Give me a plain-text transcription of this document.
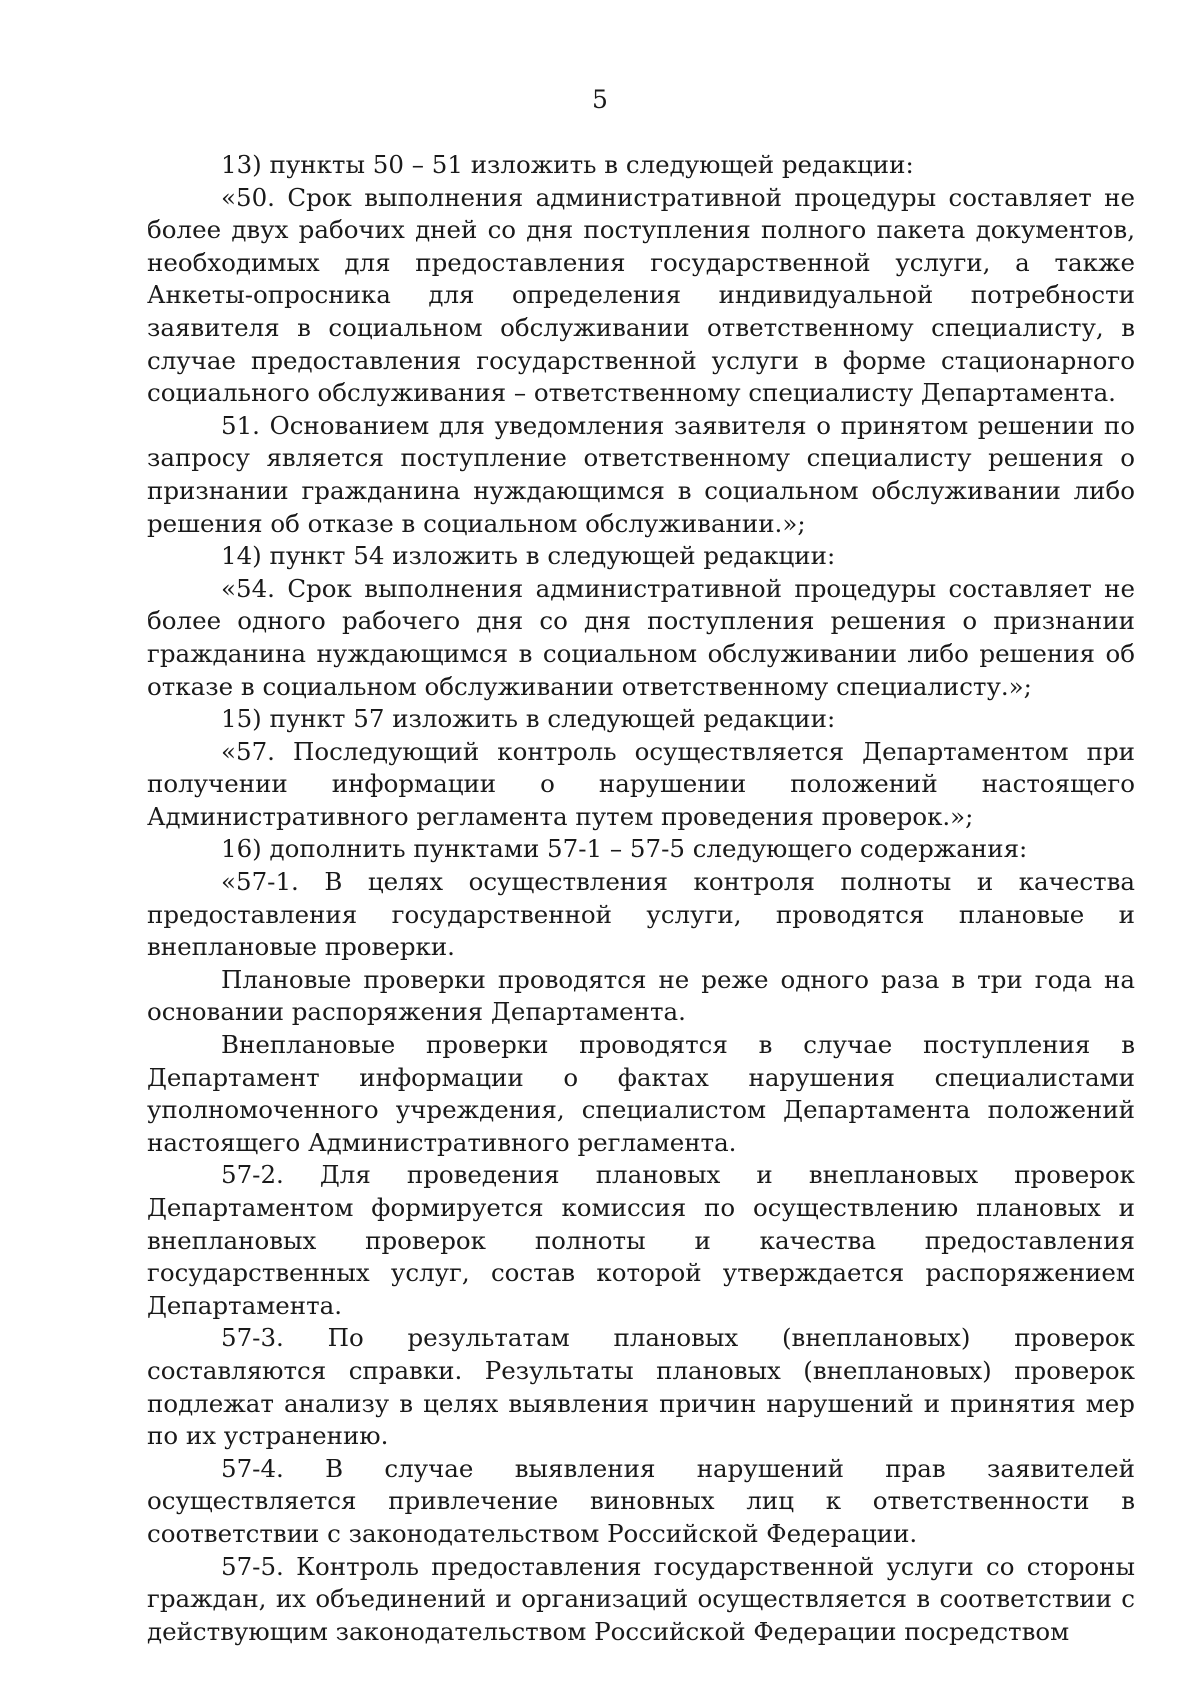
5

13) пункты 50 – 51 изложить в следующей редакции:

«50. Срок выполнения административной процедуры составляет не более двух рабочих дней со дня поступления полного пакета документов, необходимых для предоставления государственной услуги, а также Анкеты-опросника для определения индивидуальной потребности заявителя в социальном обслуживании ответственному специалисту, в случае предоставления государственной услуги в форме стационарного социального обслуживания – ответственному специалисту Департамента.

51. Основанием для уведомления заявителя о принятом решении по запросу является поступление ответственному специалисту решения о признании гражданина нуждающимся в социальном обслуживании либо решения об отказе в социальном обслуживании.»;

14) пункт 54 изложить в следующей редакции:

«54. Срок выполнения административной процедуры составляет не более одного рабочего дня со дня поступления решения о признании гражданина нуждающимся в социальном обслуживании либо решения об отказе в социальном обслуживании ответственному специалисту.»;

15) пункт 57 изложить в следующей редакции:

«57. Последующий контроль осуществляется Департаментом при получении информации о нарушении положений настоящего Административного регламента путем проведения проверок.»;

16) дополнить пунктами 57-1 – 57-5 следующего содержания:

«57-1. В целях осуществления контроля полноты и качества предоставления государственной услуги, проводятся плановые и внеплановые проверки.

Плановые проверки проводятся не реже одного раза в три года на основании распоряжения Департамента.

Внеплановые проверки проводятся в случае поступления в Департамент информации о фактах нарушения специалистами уполномоченного учреждения, специалистом Департамента положений настоящего Административного регламента.

57-2. Для проведения плановых и внеплановых проверок Департаментом формируется комиссия по осуществлению плановых и внеплановых проверок полноты и качества предоставления государственных услуг, состав которой утверждается распоряжением Департамента.

57-3. По результатам плановых (внеплановых) проверок составляются справки. Результаты плановых (внеплановых) проверок подлежат анализу в целях выявления причин нарушений и принятия мер по их устранению.

57-4. В случае выявления нарушений прав заявителей осуществляется привлечение виновных лиц к ответственности в соответствии с законодательством Российской Федерации.

57-5. Контроль предоставления государственной услуги со стороны граждан, их объединений и организаций осуществляется в соответствии с действующим законодательством Российской Федерации посредством
